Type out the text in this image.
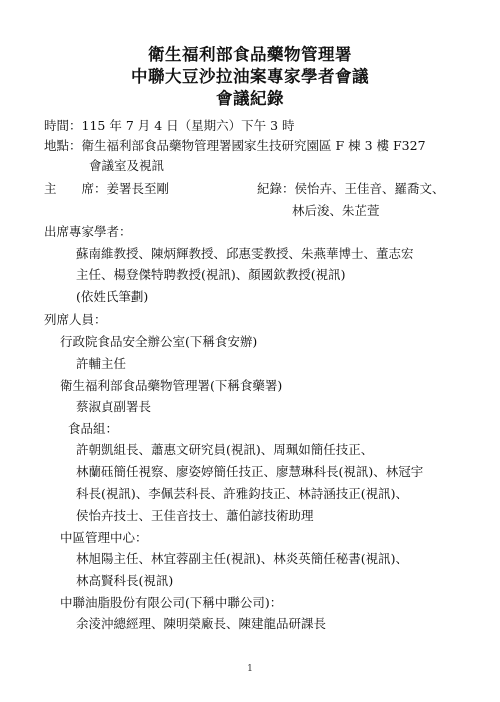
衛生福利部食品藥物管理署
中聯大豆沙拉油案專家學者會議
會議紀錄
時間：115 年 7 月 4 日（星期六）下午 3 時
地點：衛生福利部食品藥物管理署國家生技研究園區 F 棟 3 樓 F327
會議室及視訊
主　　席：姜署長至剛	紀錄：侯怡卉、王佳音、羅喬文、
林后浚、朱芷萱
出席專家學者：
蘇南維教授、陳炳輝教授、邱惠雯教授、朱燕華博士、董志宏
主任、楊登傑特聘教授(視訊)、顏國欽教授(視訊)
(依姓氏筆劃)
列席人員：
行政院食品安全辦公室(下稱食安辦)
許輔主任
衛生福利部食品藥物管理署(下稱食藥署)
蔡淑貞副署長
食品組：
許朝凱組長、蕭惠文研究員(視訊)、周珮如簡任技正、
林蘭砡簡任視察、廖姿婷簡任技正、廖慧琳科長(視訊)、林冠宇
科長(視訊)、李佩芸科長、許雅鈞技正、林詩涵技正(視訊)、
侯怡卉技士、王佳音技士、蕭伯諺技術助理
中區管理中心：
林旭陽主任、林宜蓉副主任(視訊)、林炎英簡任秘書(視訊)、
林高賢科長(視訊)
中聯油脂股份有限公司(下稱中聯公司)：
余淩沖總經理、陳明榮廠長、陳建龍品研課長
1
